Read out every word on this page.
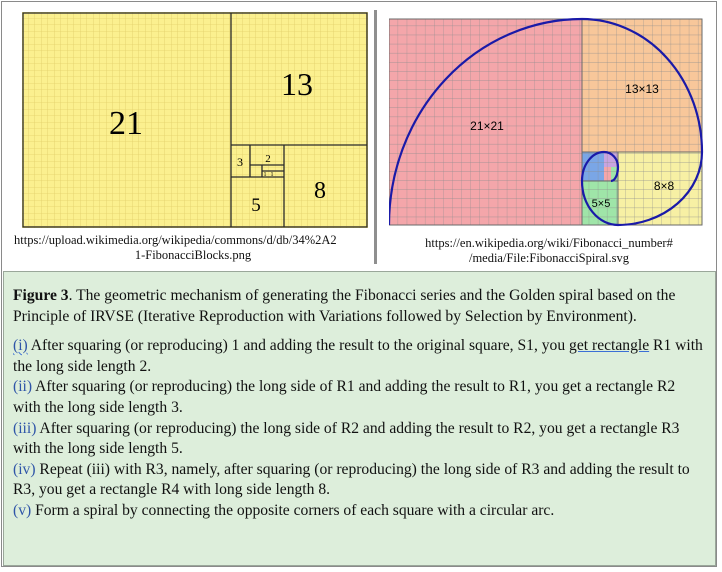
21
13
8
5
3 2
1 1
https://upload.wikimedia.org/wikipedia/commons/d/db/34%2A2
1-FibonacciBlocks.png
21×21
13×13
8×8
5×5
https://en.wikipedia.org/wiki/Fibonacci_number#
/media/File:FibonacciSpiral.svg

Figure 3. The geometric mechanism of generating the Fibonacci series and the Golden spiral based on the Principle of IRVSE (Iterative Reproduction with Variations followed by Selection by Environment).

(i) After squaring (or reproducing) 1 and adding the result to the original square, S1, you get rectangle R1 with the long side length 2.

(ii) After squaring (or reproducing) the long side of R1 and adding the result to R1, you get a rectangle R2 with the long side length 3.

(iii) After squaring (or reproducing) the long side of R2 and adding the result to R2, you get a rectangle R3 with the long side length 5.

(iv) Repeat (iii) with R3, namely, after squaring (or reproducing) the long side of R3 and adding the result to R3, you get a rectangle R4 with long side length 8.

(v) Form a spiral by connecting the opposite corners of each square with a circular arc.
